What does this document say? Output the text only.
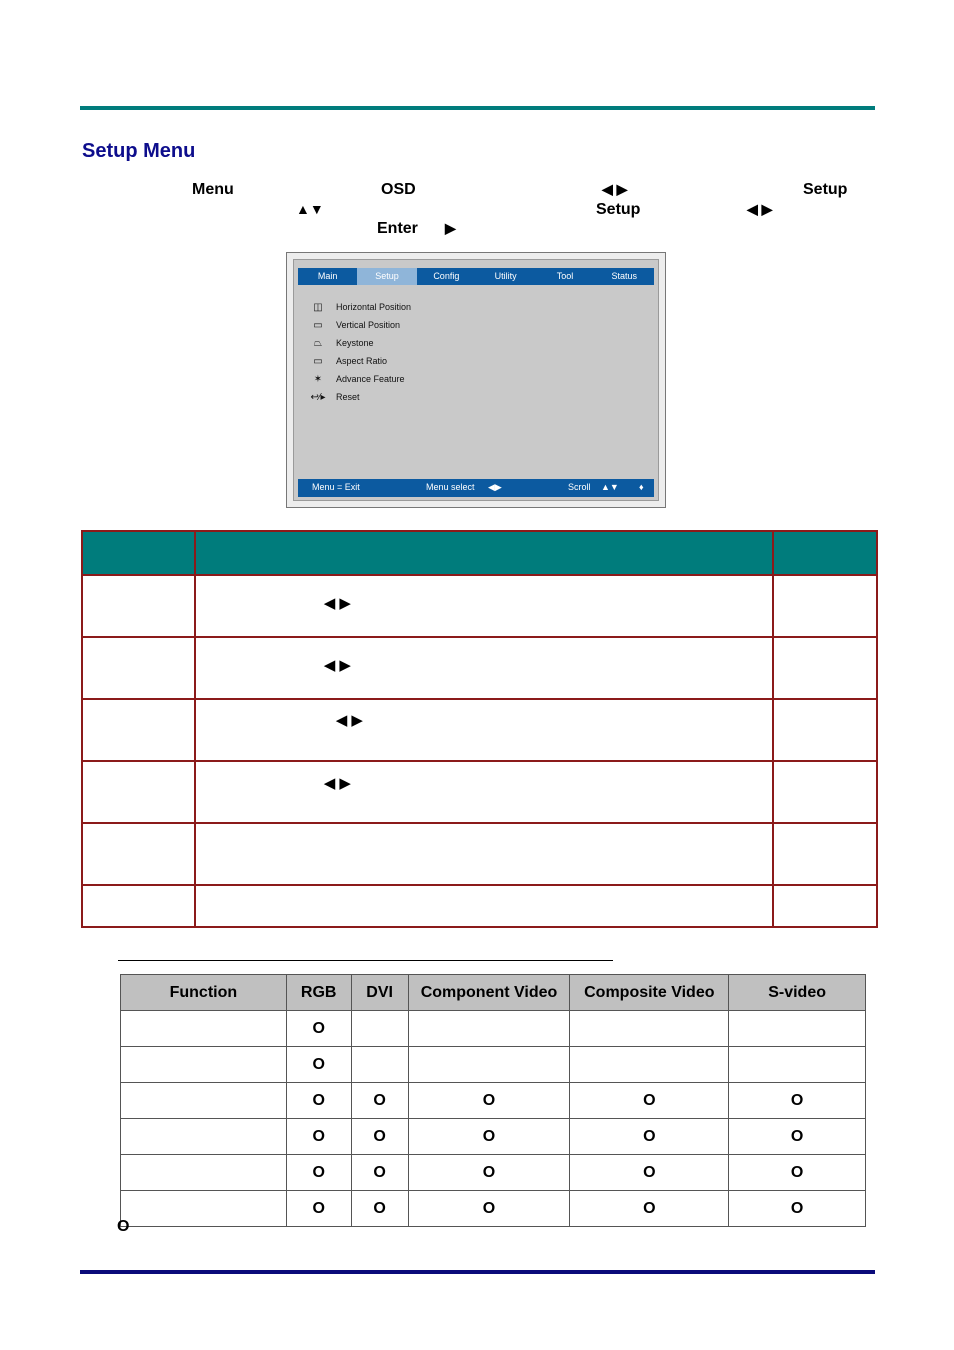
Setup Menu
Menu	OSD	◀ ▶	Setup
▲▼	Setup	◀ ▶
Enter ▶
Main	Setup	Config	Utility	Tool	Status
◫	Horizontal Position
▭	Vertical Position
⏢	Keystone
▭	Aspect Ratio
✶	Advance Feature
↩⁄▸ Reset
Menu = Exit	Menu select ◀▶	Scroll ▲▼ ♦

	◀ ▶	
	◀ ▶	
	◀ ▶	
	◀ ▶	

Function	RGB	DVI	Component Video	Composite Video	S-video
	O				
	O				
	O	O	O	O	O
	O	O	O	O	O
	O	O	O	O	O
	O	O	O	O	O
O
